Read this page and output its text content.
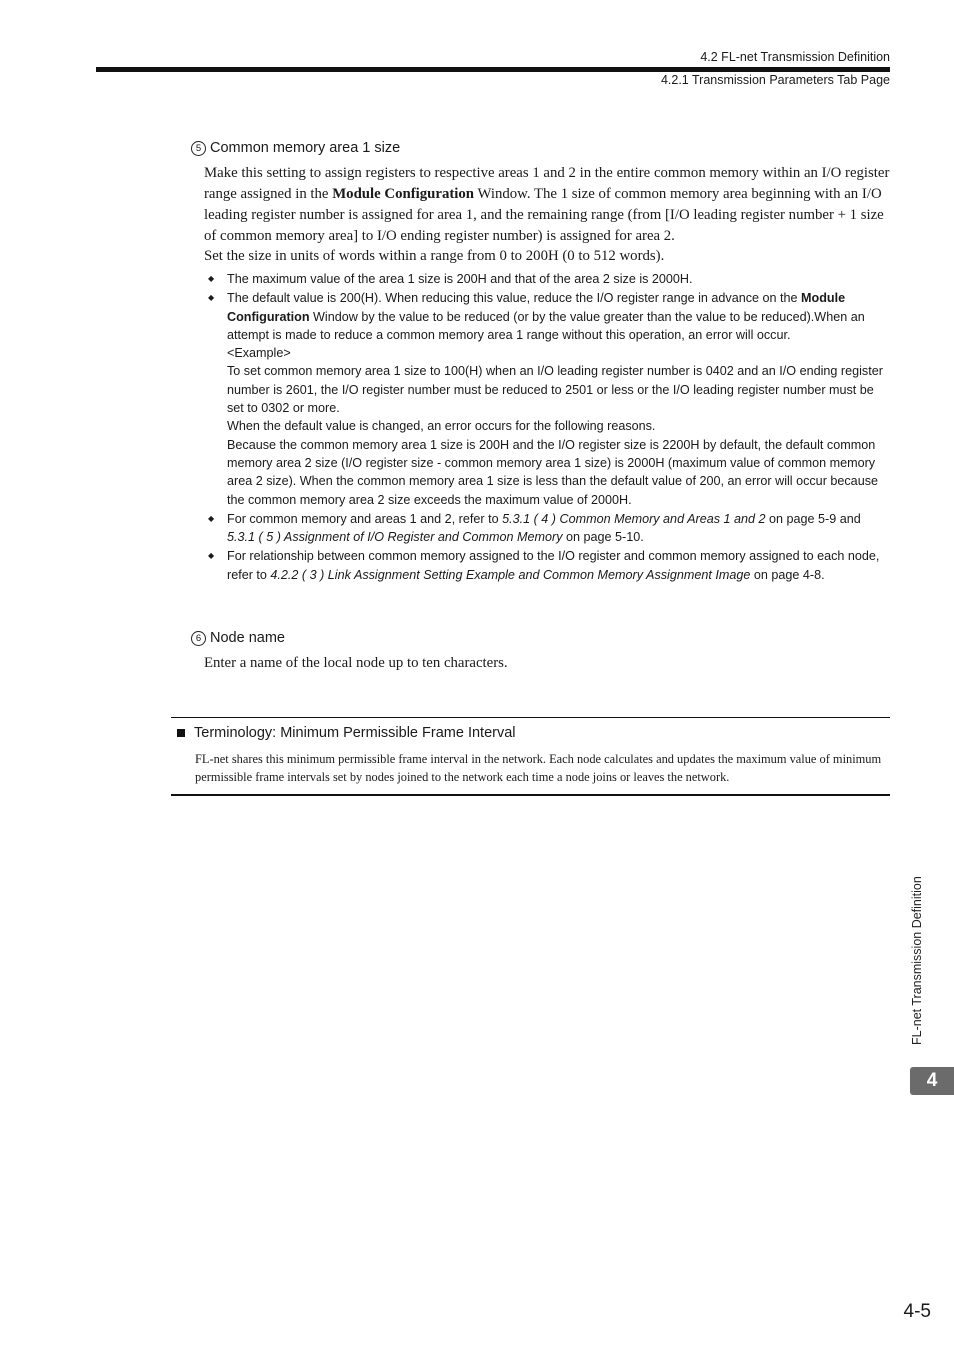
4.2 FL-net Transmission Definition
4.2.1 Transmission Parameters Tab Page
5 Common memory area 1 size
Make this setting to assign registers to respective areas 1 and 2 in the entire common memory within an I/O register range assigned in the Module Configuration Window. The 1 size of common memory area beginning with an I/O leading register number is assigned for area 1, and the remaining range (from [I/O leading register number + 1 size of common memory area] to I/O ending register number) is assigned for area 2.
Set the size in units of words within a range from 0 to 200H (0 to 512 words).
◆ The maximum value of the area 1 size is 200H and that of the area 2 size is 2000H.
◆ The default value is 200(H). When reducing this value, reduce the I/O register range in advance on the Module Configuration Window by the value to be reduced (or by the value greater than the value to be reduced).When an attempt is made to reduce a common memory area 1 range without this operation, an error will occur.
<Example>
To set common memory area 1 size to 100(H) when an I/O leading register number is 0402 and an I/O ending register number is 2601, the I/O register number must be reduced to 2501 or less or the I/O leading register number must be set to 0302 or more.
When the default value is changed, an error occurs for the following reasons.
Because the common memory area 1 size is 200H and the I/O register size is 2200H by default, the default common memory area 2 size (I/O register size - common memory area 1 size) is 2000H (maximum value of common memory area 2 size). When the common memory area 1 size is less than the default value of 200, an error will occur because the common memory area 2 size exceeds the maximum value of 2000H.
◆ For common memory and areas 1 and 2, refer to 5.3.1 ( 4 ) Common Memory and Areas 1 and 2 on page 5-9 and 5.3.1 ( 5 ) Assignment of I/O Register and Common Memory on page 5-10.
◆ For relationship between common memory assigned to the I/O register and common memory assigned to each node, refer to 4.2.2 ( 3 ) Link Assignment Setting Example and Common Memory Assignment Image on page 4-8.
6 Node name
Enter a name of the local node up to ten characters.
Terminology: Minimum Permissible Frame Interval
FL-net shares this minimum permissible frame interval in the network. Each node calculates and updates the maximum value of minimum permissible frame intervals set by nodes joined to the network each time a node joins or leaves the network.
FL-net Transmission Definition
4
4-5
